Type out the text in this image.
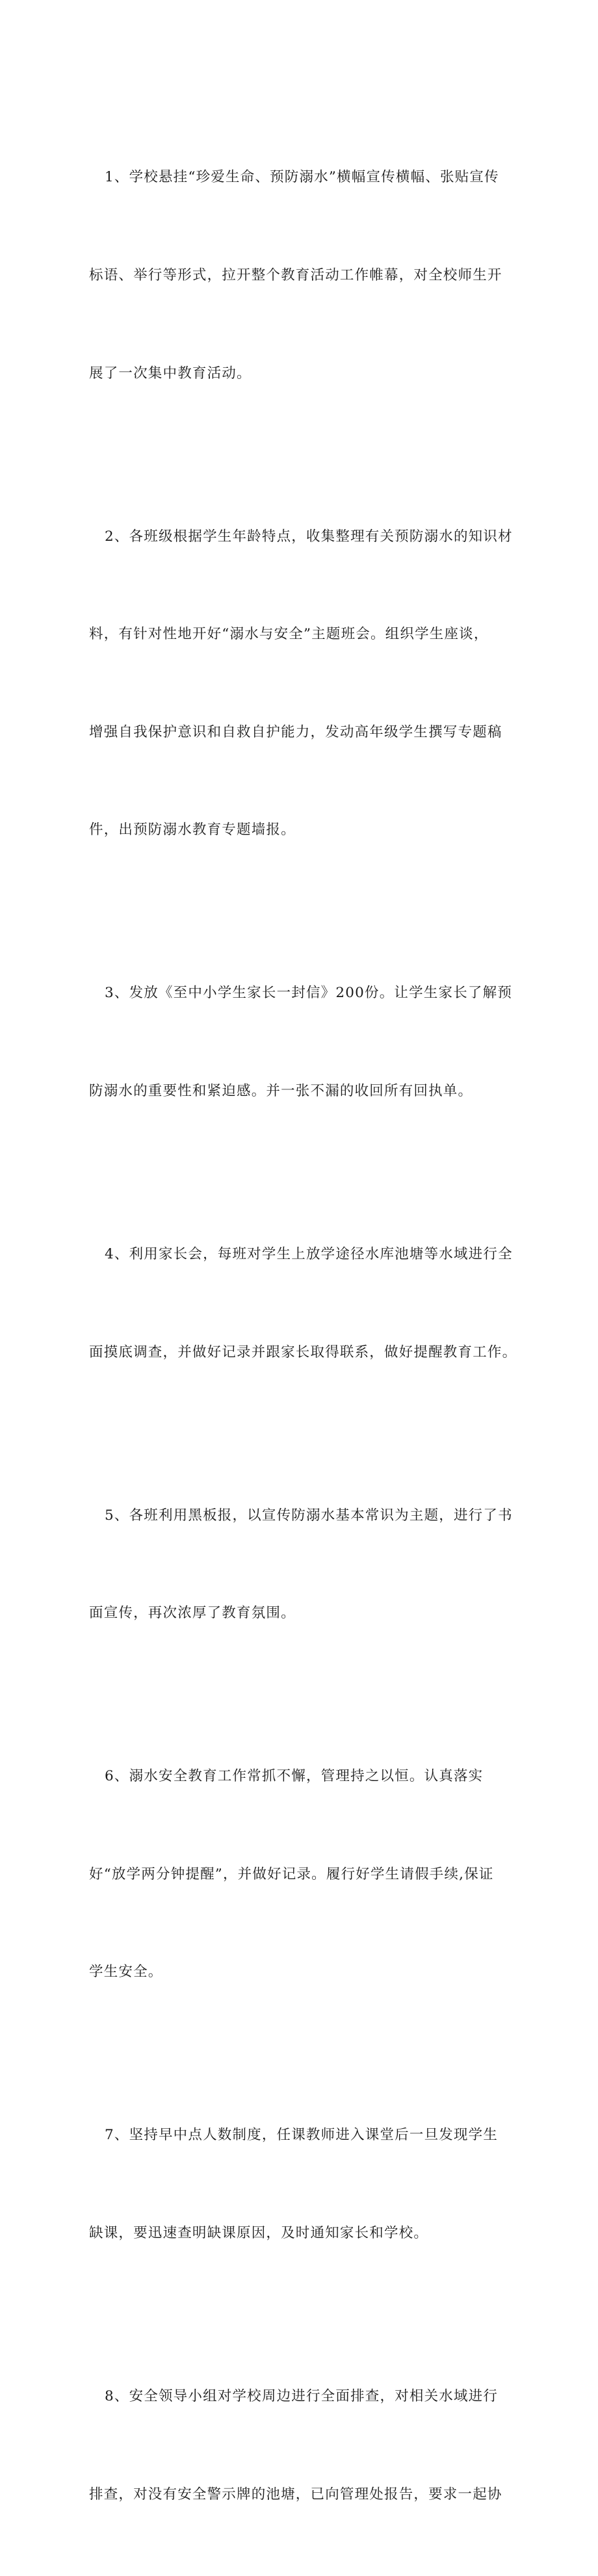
1、学校悬挂“珍爱生命、预防溺水”横幅宣传横幅、张贴宣传

标语、举行等形式，拉开整个教育活动工作帷幕，对全校师生开

展了一次集中教育活动。

2、各班级根据学生年龄特点，收集整理有关预防溺水的知识材

料，有针对性地开好“溺水与安全”主题班会。组织学生座谈，

增强自我保护意识和自救自护能力，发动高年级学生撰写专题稿

件，出预防溺水教育专题墙报。

3、发放《至中小学生家长一封信》200份。让学生家长了解预

防溺水的重要性和紧迫感。并一张不漏的收回所有回执单。

4、利用家长会，每班对学生上放学途径水库池塘等水域进行全

面摸底调查，并做好记录并跟家长取得联系，做好提醒教育工作。

5、各班利用黑板报，以宣传防溺水基本常识为主题，进行了书

面宣传，再次浓厚了教育氛围。

6、溺水安全教育工作常抓不懈，管理持之以恒。认真落实

好“放学两分钟提醒”，并做好记录。履行好学生请假手续,保证

学生安全。

7、坚持早中点人数制度，任课教师进入课堂后一旦发现学生

缺课，要迅速查明缺课原因，及时通知家长和学校。

8、安全领导小组对学校周边进行全面排查，对相关水域进行

排查，对没有安全警示牌的池塘，已向管理处报告，要求一起协
